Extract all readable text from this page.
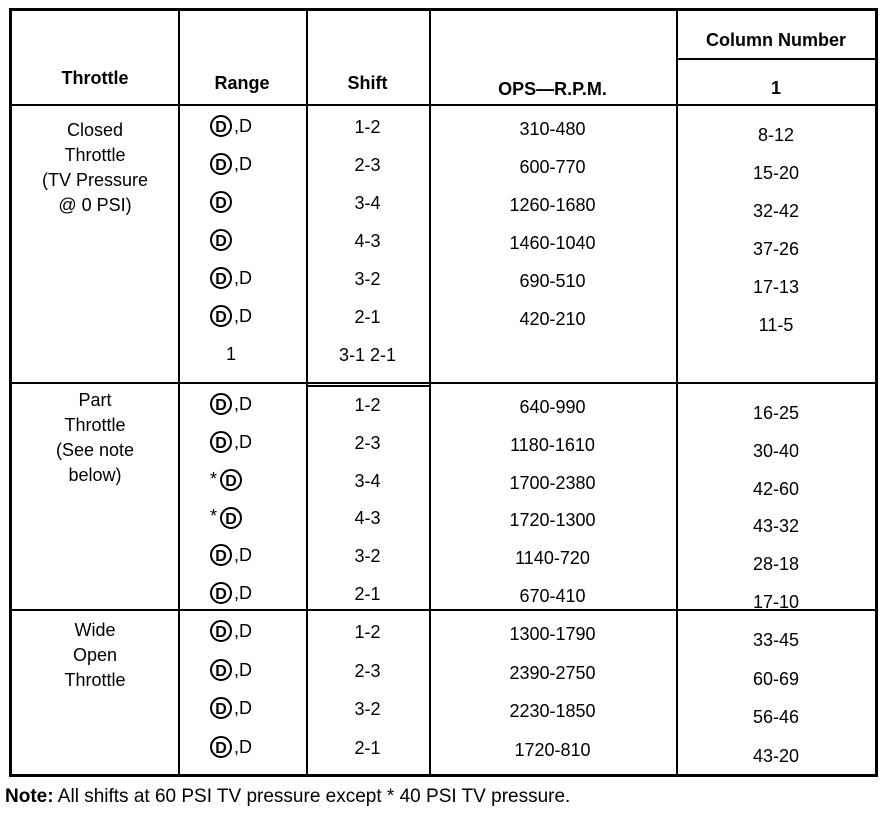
Throttle	Range	Shift	OPS—R.P.M.
Column Number
1
Closed
Throttle
(TV Pressure
@ 0 PSI)
D ,D	1-2	310-480	8-12
D ,D	2-3	600-770	15-20
D	3-4	1260-1680	32-42
D	4-3	1460-1040	37-26
D ,D	3-2	690-510	17-13
D ,D	2-1	420-210	11-5
1	3-1 2-1
Part
Throttle
(See note
below)
D ,D	1-2	640-990	16-25
D ,D	2-3	1180-1610	30-40
* D	3-4	1700-2380	42-60
* D	4-3	1720-1300	43-32
D ,D	3-2	1140-720	28-18
D ,D	2-1	670-410	17-10
Wide
Open
Throttle
D ,D	1-2	1300-1790	33-45
D ,D	2-3	2390-2750	60-69
D ,D	3-2	2230-1850	56-46
D ,D	2-1	1720-810	43-20
Note: All shifts at 60 PSI TV pressure except * 40 PSI TV pressure.
